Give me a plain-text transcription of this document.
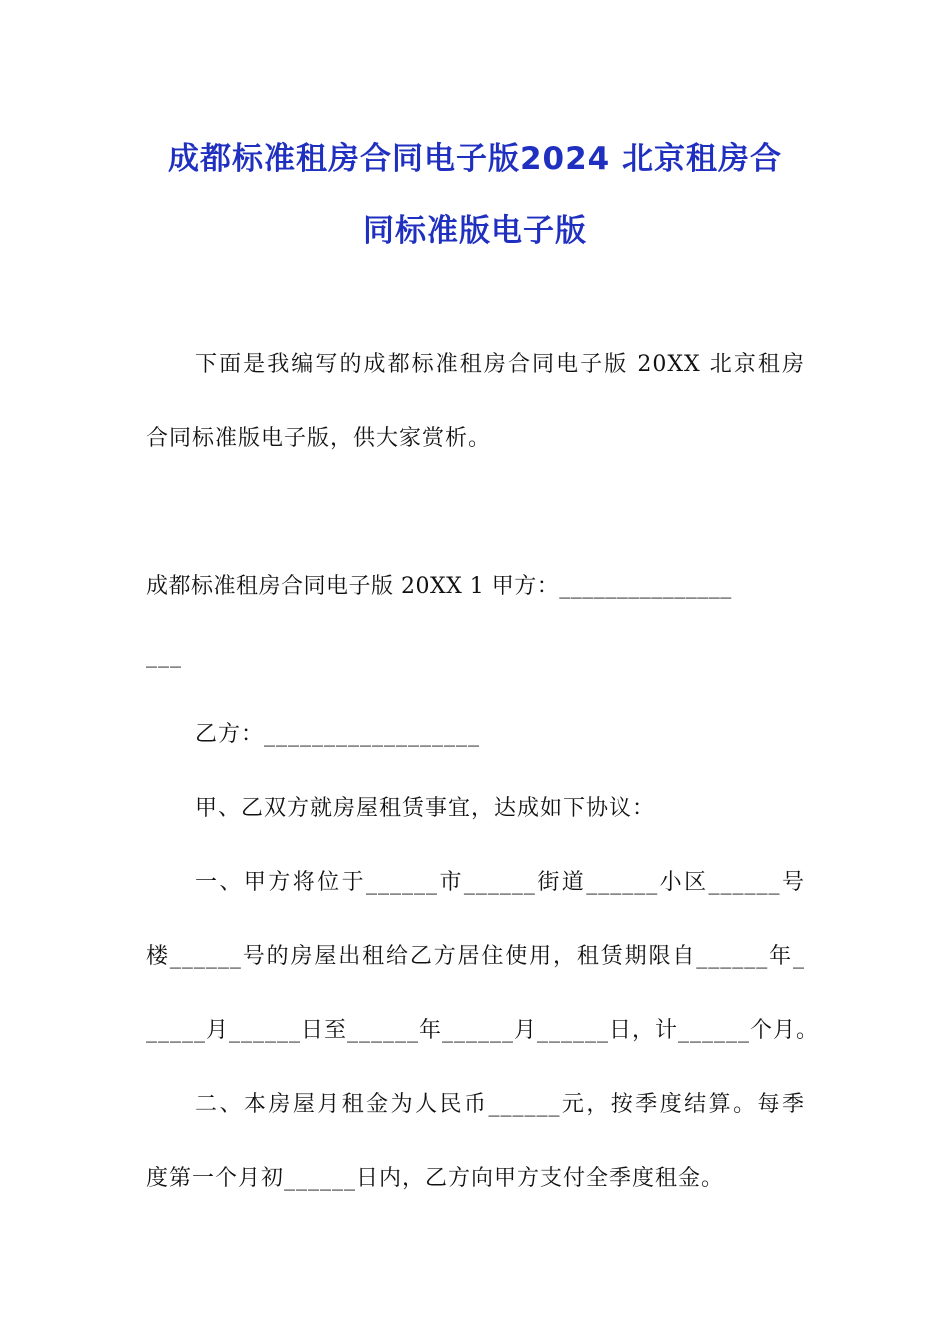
成都标准租房合同电子版2024 北京租房合
同标准版电子版
下面是我编写的成都标准租房合同电子版 20XX 北京租房
合同标准版电子版，供大家赏析。
成都标准租房合同电子版 20XX 1 甲方：_______________
___
乙方：__________________
甲、乙双方就房屋租赁事宜，达成如下协议：
一、甲方将位于______市______街道______小区______号
楼______号的房屋出租给乙方居住使用，租赁期限自______年_
_____月______日至______年______月______日，计______个月。
二、本房屋月租金为人民币______元，按季度结算。每季
度第一个月初______日内，乙方向甲方支付全季度租金。
